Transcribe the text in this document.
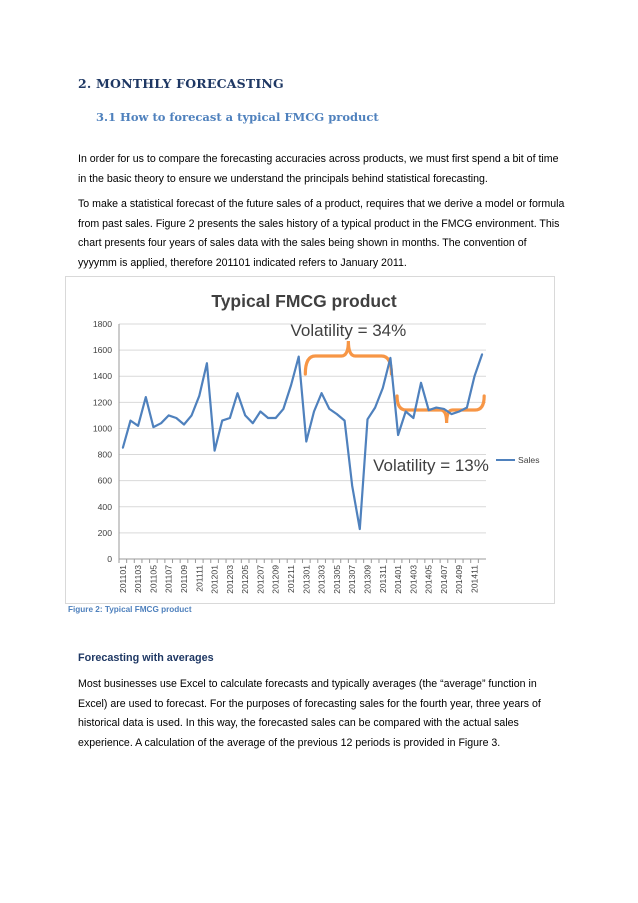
2. MONTHLY FORECASTING
3.1 How to forecast a typical FMCG product

In order for us to compare the forecasting accuracies across products, we must first spend a bit of time in the basic theory to ensure we understand the principals behind statistical forecasting.

To make a statistical forecast of the future sales of a product, requires that we derive a model or formula from past sales. Figure 2 presents the sales history of a typical product in the FMCG environment. This chart presents four years of sales data with the sales being shown in months. The convention of yyyymm is applied, therefore 201101 indicated refers to January 2011.

Typical FMCG product
0
200
400
600
800
1000
1200
1400
1600
1800
201101 201103 201105 201107 201109 201111 201201 201203 201205 201207 201209 201211 201301 201303 201305 201307 201309 201311 201401 201403 201405 201407 201409 201411
Volatility = 34%
Volatility = 13%	Sales

Figure 2: Typical FMCG product

Forecasting with averages

Most businesses use Excel to calculate forecasts and typically averages (the “average” function in Excel) are used to forecast. For the purposes of forecasting sales for the fourth year, three years of historical data is used. In this way, the forecasted sales can be compared with the actual sales experience. A calculation of the average of the previous 12 periods is provided in Figure 3.
